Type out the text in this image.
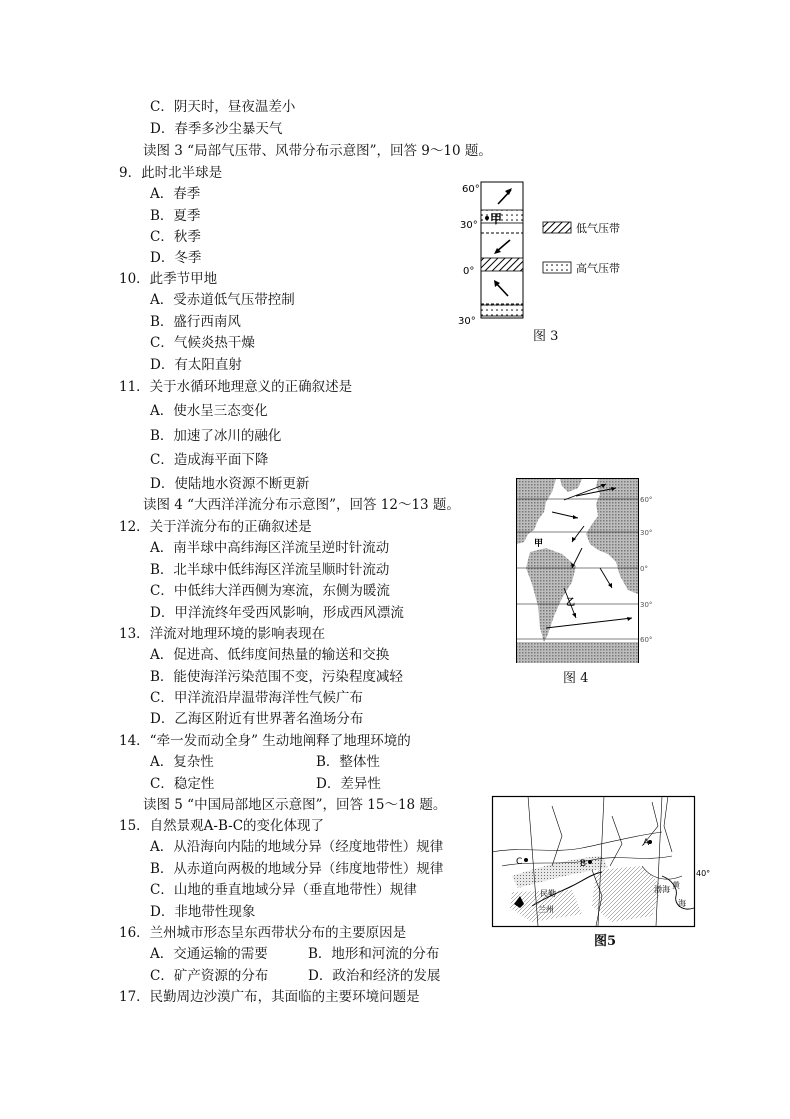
C．阴天时，昼夜温差小
D．春季多沙尘暴天气
读图 3 “局部气压带、风带分布示意图”，回答 9～10 题。
9．此时北半球是
A．春季
B．夏季
C．秋季
D．冬季
10．此季节甲地
A．受赤道低气压带控制
B．盛行西南风
C．气候炎热干燥
D．有太阳直射
11．关于水循环地理意义的正确叙述是
A．使水呈三态变化
B．加速了冰川的融化
C．造成海平面下降
D．使陆地水资源不断更新
读图 4 “大西洋洋流分布示意图”，回答 12～13 题。
12．关于洋流分布的正确叙述是
A．南半球中高纬海区洋流呈逆时针流动
B．北半球中低纬海区洋流呈顺时针流动
C．中低纬大洋西侧为寒流，东侧为暖流
D．甲洋流终年受西风影响，形成西风漂流
13．洋流对地理环境的影响表现在
A．促进高、低纬度间热量的输送和交换
B．能使海洋污染范围不变，污染程度减轻
C．甲洋流沿岸温带海洋性气候广布
D．乙海区附近有世界著名渔场分布
14．“牵一发而动全身” 生动地阐释了地理环境的
A．复杂性	B．整体性
C．稳定性	D．差异性
读图 5 “中国局部地区示意图”，回答 15～18 题。
15．自然景观A-B-C的变化体现了
A．从沿海向内陆的地域分异（经度地带性）规律
B．从赤道向两极的地域分异（纬度地带性）规律
C．山地的垂直地域分异（垂直地带性）规律
D．非地带性现象
16．兰州城市形态呈东西带状分布的主要原因是
A．交通运输的需要	B．地形和河流的分布
C．矿产资源的分布	D．政治和经济的发展
17．民勤周边沙漠广布，其面临的主要环境问题是
60°
30°
0°
30°
甲
低气压带
高气压带
图 3
60°
30°
0°
30°
60°
甲
乙
图 4
A
B
C
民勤
兰州
40°
渤海 黄
海
图5
